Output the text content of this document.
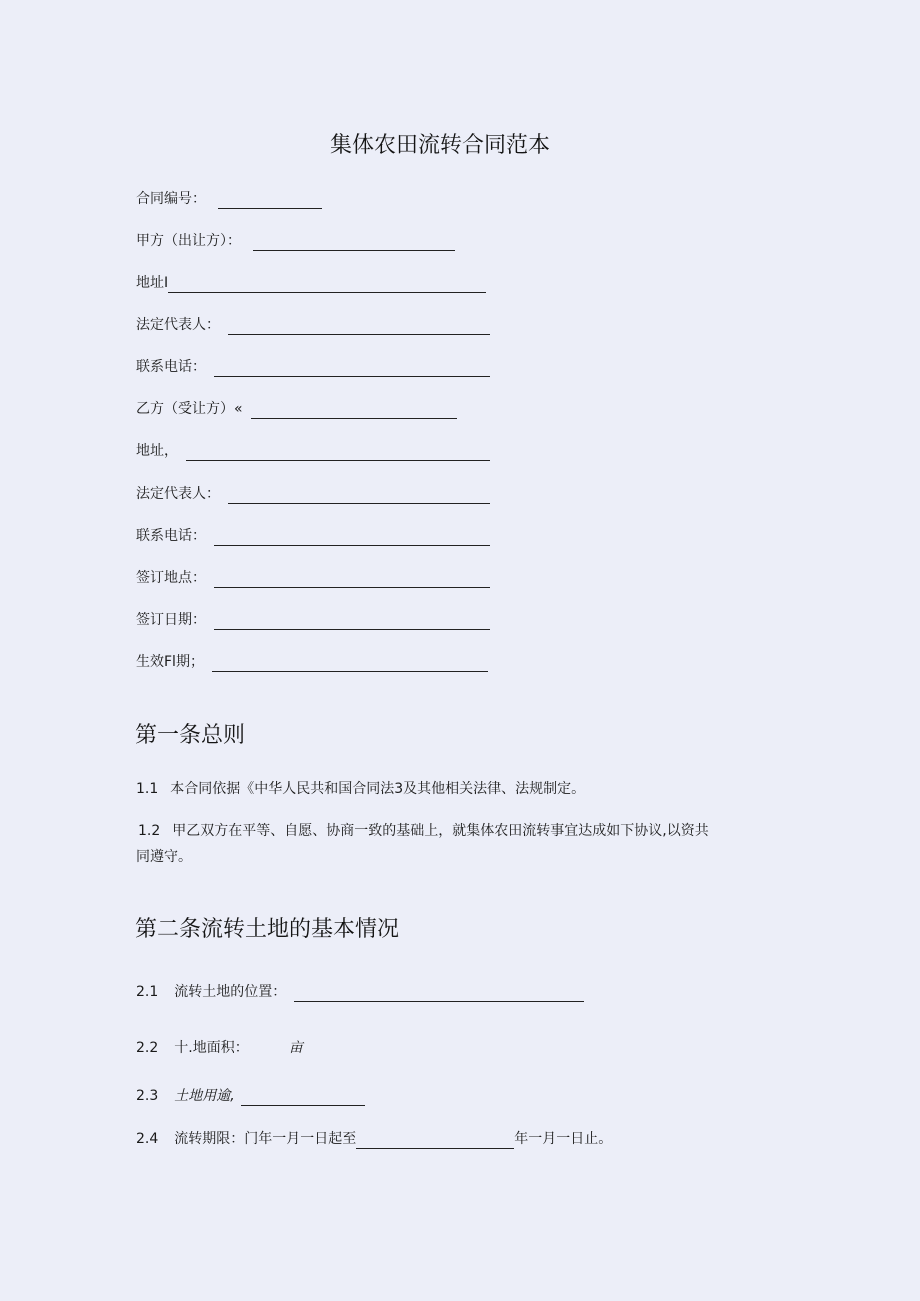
集体农田流转合同范本
合同编号：
甲方（出让方）：
地址I
法定代表人：
联系电话：
乙方（受让方）«
地址，
法定代表人：
联系电话：
签订地点：
签订日期：
生效Fl期；
第一条总则
1.1 本合同依据《中华人民共和国合同法3及其他相关法律、法规制定。
1.2 甲乙双方在平等、自愿、协商一致的基础上，就集体农田流转事宜达成如下协议,以资共
同遵守。
第二条流转土地的基本情况
2.1 流转土地的位置：
2.2 十.地面积：	亩
2.3 土地用逾,
2.4 流转期限：门年一月一日起至	年一月一日止。
